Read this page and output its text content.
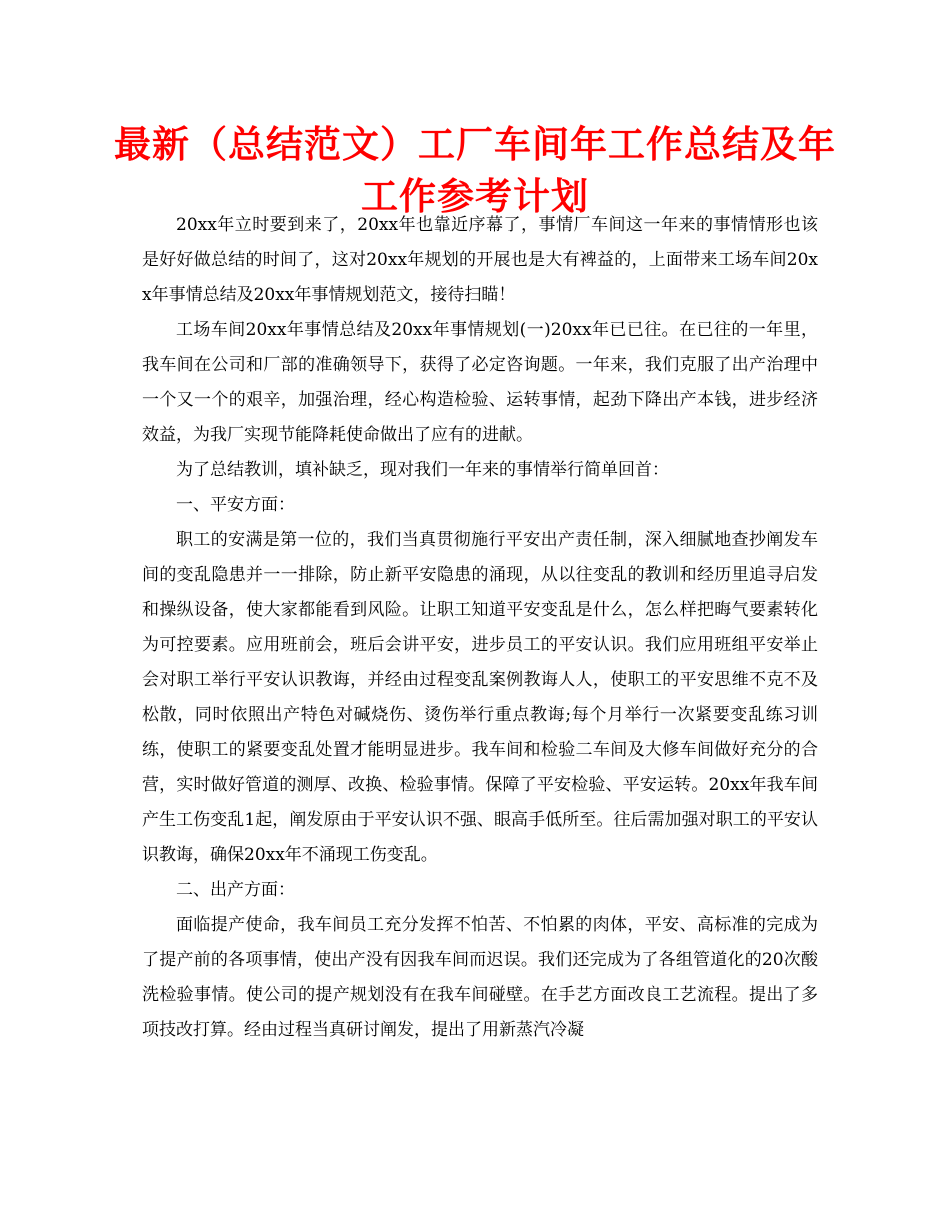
最新（总结范文）工厂车间年工作总结及年工作参考计划

20xx年立时要到来了，20xx年也靠近序幕了，事情厂车间这一年来的事情情形也该是好好做总结的时间了，这对20xx年规划的开展也是大有裨益的，上面带来工场车间20xx年事情总结及20xx年事情规划范文，接待扫瞄！

工场车间20xx年事情总结及20xx年事情规划(一)20xx年已已往。在已往的一年里，我车间在公司和厂部的准确领导下，获得了必定咨询题。一年来，我们克服了出产治理中一个又一个的艰辛，加强治理，经心构造检验、运转事情，起劲下降出产本钱，进步经济效益，为我厂实现节能降耗使命做出了应有的进献。

为了总结教训，填补缺乏，现对我们一年来的事情举行简单回首：

一、平安方面：

职工的安满是第一位的，我们当真贯彻施行平安出产责任制，深入细腻地查抄阐发车间的变乱隐患并一一排除，防止新平安隐患的涌现，从以往变乱的教训和经历里追寻启发和操纵设备，使大家都能看到风险。让职工知道平安变乱是什么，怎么样把晦气要素转化为可控要素。应用班前会，班后会讲平安，进步员工的平安认识。我们应用班组平安举止会对职工举行平安认识教诲，并经由过程变乱案例教诲人人，使职工的平安思维不克不及松散，同时依照出产特色对碱烧伤、烫伤举行重点教诲;每个月举行一次紧要变乱练习训练，使职工的紧要变乱处置才能明显进步。我车间和检验二车间及大修车间做好充分的合营，实时做好管道的测厚、改换、检验事情。保障了平安检验、平安运转。20xx年我车间产生工伤变乱1起，阐发原由于平安认识不强、眼高手低所至。往后需加强对职工的平安认识教诲，确保20xx年不涌现工伤变乱。

二、出产方面：

面临提产使命，我车间员工充分发挥不怕苦、不怕累的肉体，平安、高标准的完成为了提产前的各项事情，使出产没有因我车间而迟误。我们还完成为了各组管道化的20次酸洗检验事情。使公司的提产规划没有在我车间碰壁。在手艺方面改良工艺流程。提出了多项技改打算。经由过程当真研讨阐发，提出了用新蒸汽冷凝
